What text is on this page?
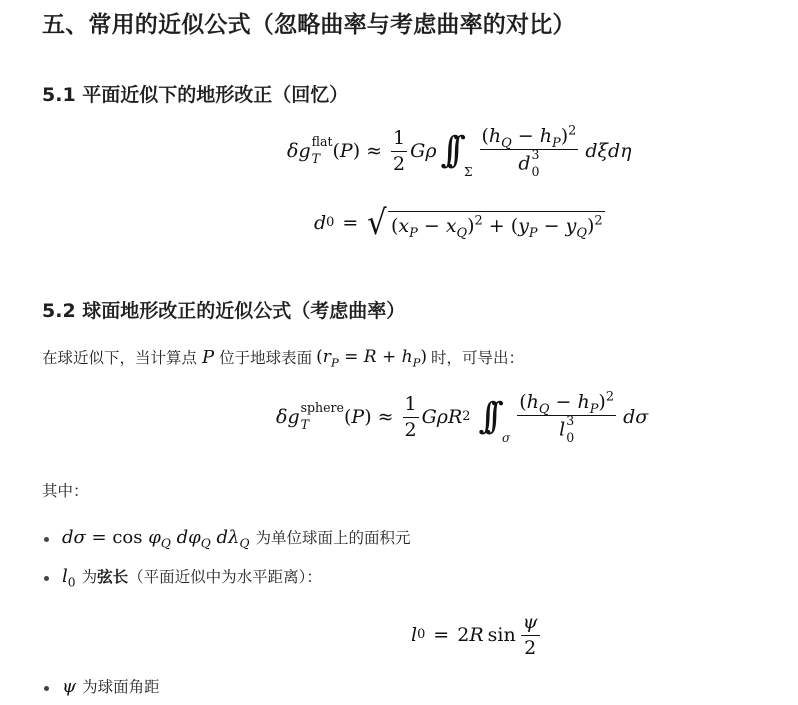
五、常用的近似公式（忽略曲率与考虑曲率的对比）
5.1 平面近似下的地形改正（回忆）
δg flat
T ( P ) ≈ $\frac{1}{2}$ Gρ ∫∫
Σ $(h_Q - h_P)^2$
d 3
0 dξdη
d 0 = √ $(x_P - x_Q)^2 + (y_P - y_Q)^2$
5.2 球面地形改正的近似公式（考虑曲率）
在球近似下，当计算点 P 位于地球表面 $(r_P = R + h_P)$ 时，可导出：
δg sphere
T	( P ) ≈ $\frac{1}{2}$ GρR 2 ∫∫
σ $(h_Q - h_P)^2$
l 3
0 dσ
其中：
$d\sigma = \cos \varphi_Q$ $d\varphi_Q$ $d\lambda_Q$ 为单位球面上的面积元
$l_0$ 为 弦长 （平面近似中为水平距离）：
l 0 = 2 R $\sin \frac{\psi}{2}$
ψ 为球面角距
